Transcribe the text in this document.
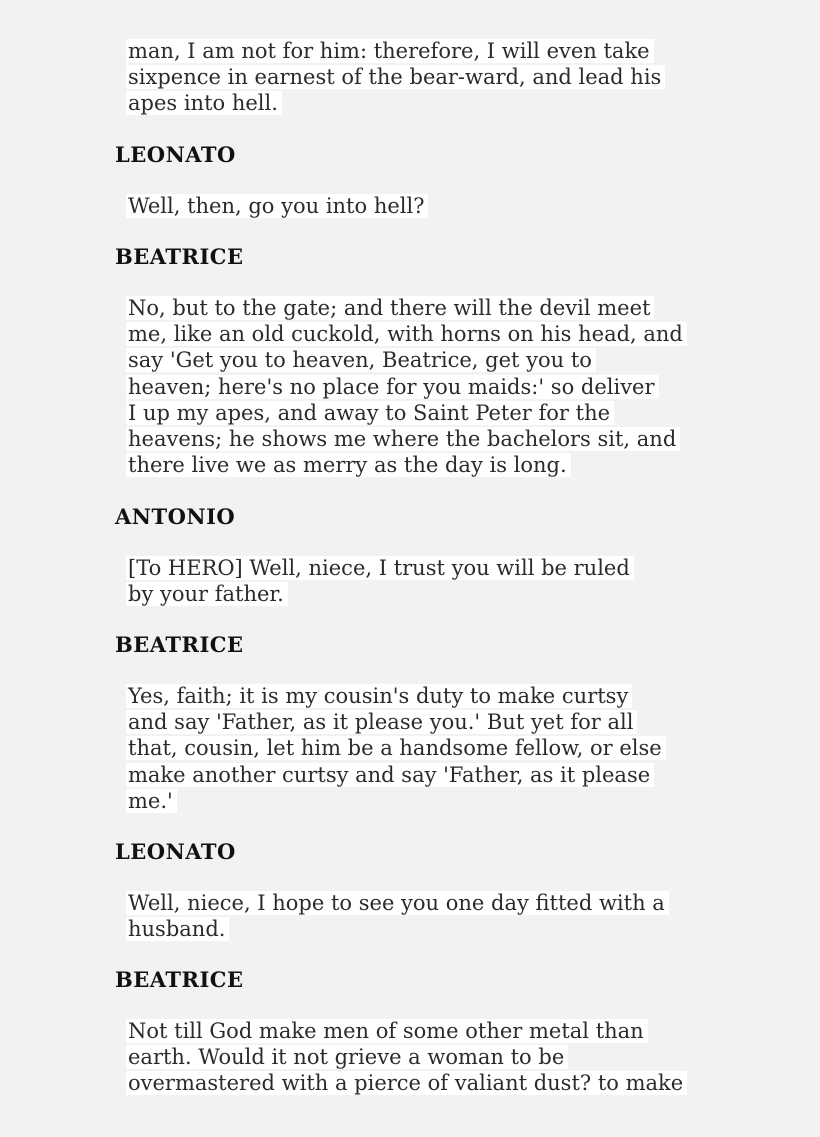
man, I am not for him: therefore, I will even take
sixpence in earnest of the bear-ward, and lead his
apes into hell.
LEONATO
Well, then, go you into hell?
BEATRICE
No, but to the gate; and there will the devil meet
me, like an old cuckold, with horns on his head, and
say 'Get you to heaven, Beatrice, get you to
heaven; here's no place for you maids:' so deliver
I up my apes, and away to Saint Peter for the
heavens; he shows me where the bachelors sit, and
there live we as merry as the day is long.
ANTONIO
[To HERO] Well, niece, I trust you will be ruled
by your father.
BEATRICE
Yes, faith; it is my cousin's duty to make curtsy
and say 'Father, as it please you.' But yet for all
that, cousin, let him be a handsome fellow, or else
make another curtsy and say 'Father, as it please
me.'
LEONATO
Well, niece, I hope to see you one day fitted with a
husband.
BEATRICE
Not till God make men of some other metal than
earth. Would it not grieve a woman to be
overmastered with a pierce of valiant dust? to make
